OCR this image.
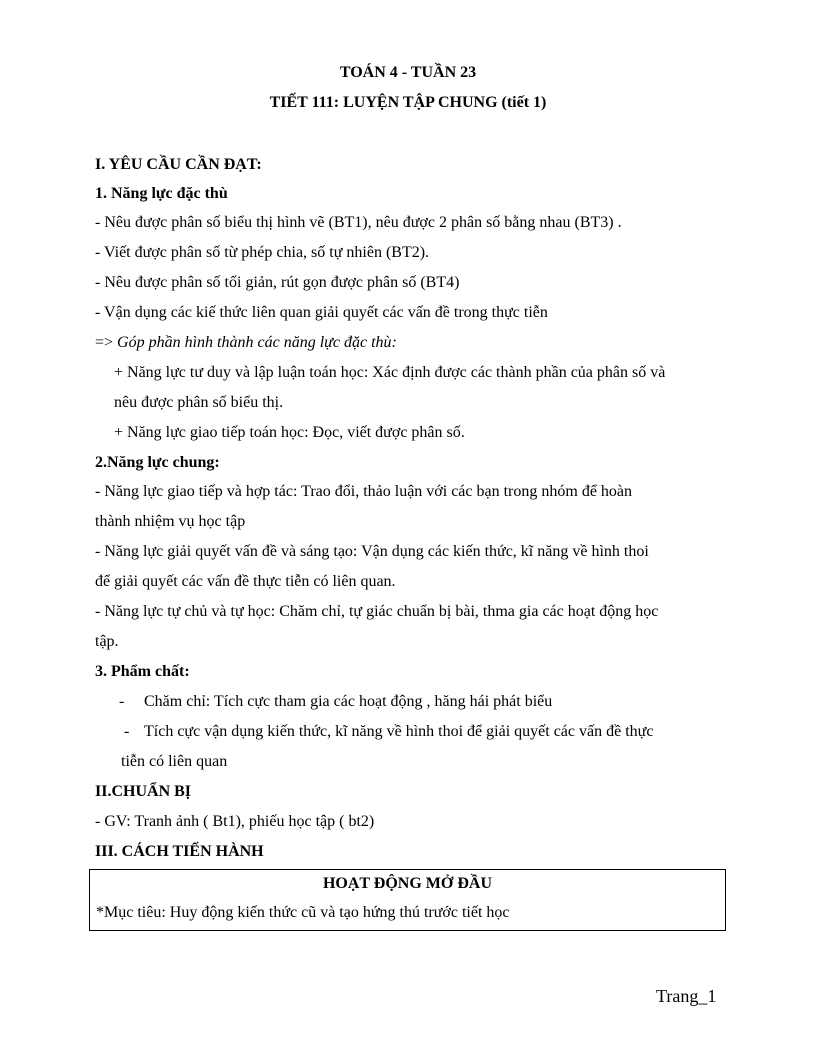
TOÁN 4 - TUẦN 23
TIẾT 111: LUYỆN TẬP CHUNG (tiết 1)
I. YÊU CẦU CẦN ĐẠT:
1. Năng lực đặc thù
- Nêu được phân số biểu thị hình vẽ (BT1), nêu được 2 phân số bằng nhau (BT3) .
- Viết được phân số từ phép chia, số tự nhiên (BT2).
- Nêu được phân số tối giản, rút gọn được phân số (BT4)
- Vận dụng các kiế thức liên quan giải quyết các vấn đề trong thực tiễn
=> Góp phần hình thành các năng lực đặc thù:
+ Năng lực tư duy và lập luận toán học: Xác định được các thành phần của phân số và
nêu được phân số biểu thị.
+ Năng lực giao tiếp toán học: Đọc, viết được phân số.
2.Năng lực chung:
- Năng lực giao tiếp và hợp tác: Trao đổi, thảo luận với các bạn trong nhóm để hoàn
thành nhiệm vụ học tập
- Năng lực giải quyết vấn đề và sáng tạo: Vận dụng các kiến thức, kĩ năng về hình thoi
để giải quyết các vấn đề thực tiễn có liên quan.
- Năng lực tự chủ và tự học: Chăm chỉ, tự giác chuẩn bị bài, thma gia các hoạt động học
tập.
3. Phẩm chất:
- Chăm chỉ: Tích cực tham gia các hoạt động , hăng hái phát biểu
- Tích cực vận dụng kiến thức, kĩ năng về hình thoi để giải quyết các vấn đề thực
tiễn có liên quan
II.CHUẨN BỊ
- GV: Tranh ảnh ( Bt1), phiếu học tập ( bt2)
III. CÁCH TIẾN HÀNH
HOẠT ĐỘNG MỞ ĐẦU
*Mục tiêu: Huy động kiến thức cũ và tạo hứng thú trước tiết học
Trang_1
